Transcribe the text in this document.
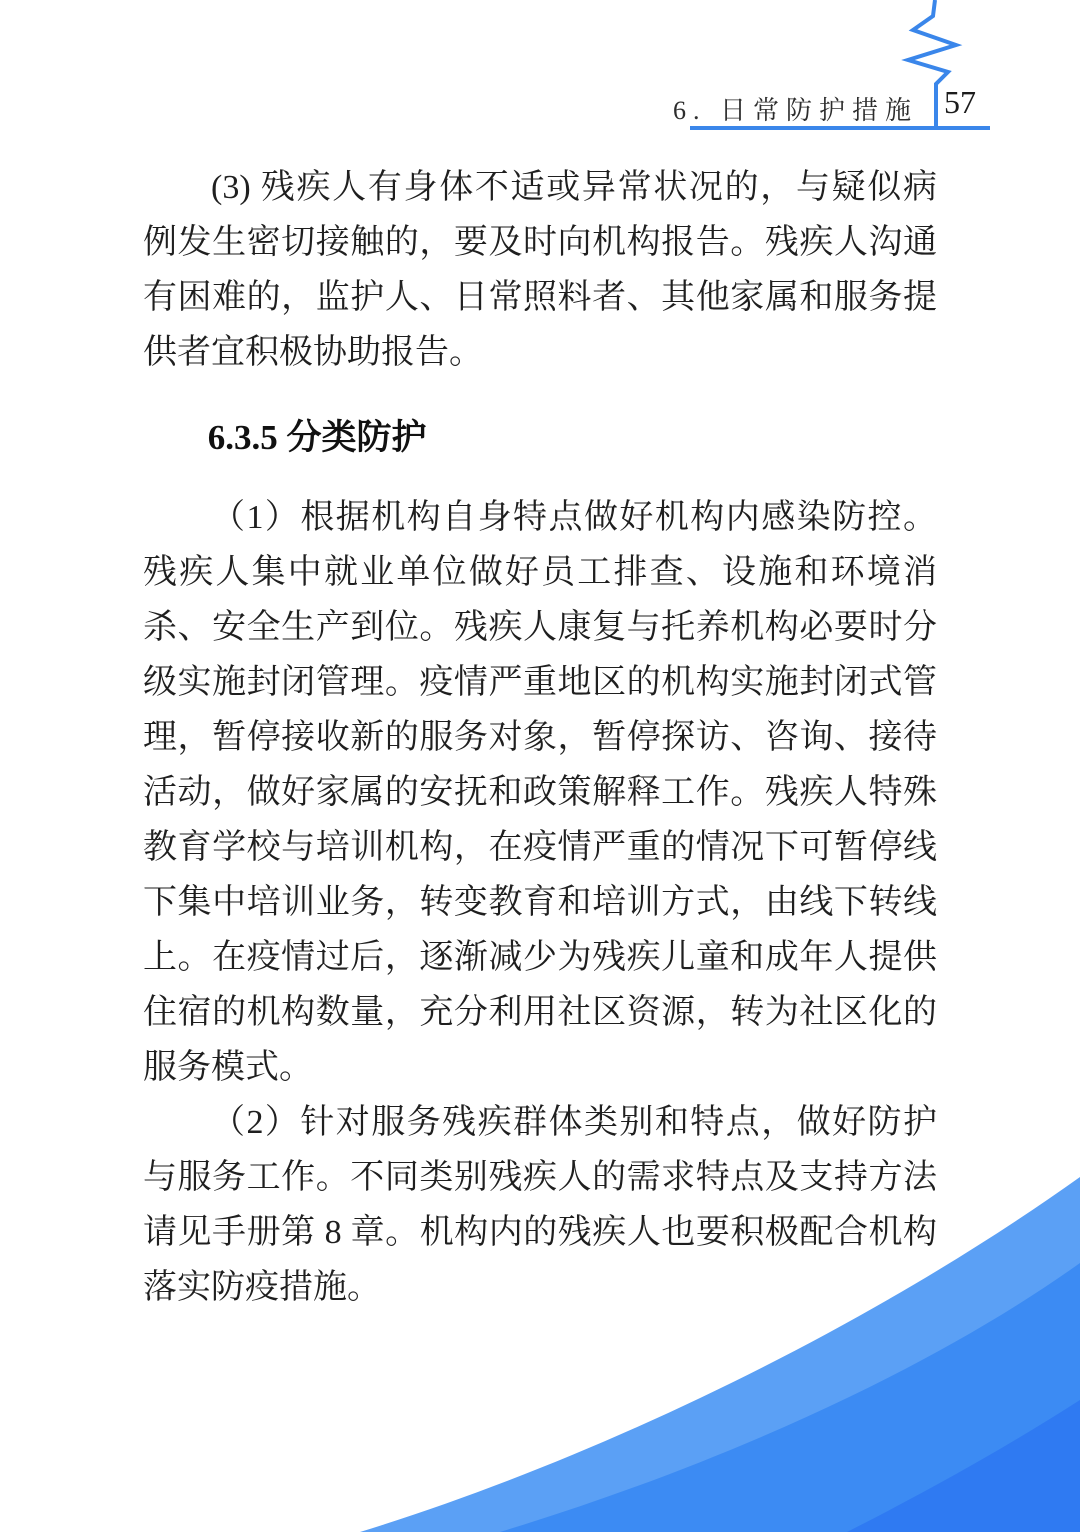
6. 日常防护措施 57

(3) 残疾人有身体不适或异常状况的，与疑似病例发生密切接触的，要及时向机构报告。残疾人沟通有困难的，监护人、日常照料者、其他家属和服务提供者宜积极协助报告。

6.3.5 分类防护

（1）根据机构自身特点做好机构内感染防控。残疾人集中就业单位做好员工排查、设施和环境消杀、安全生产到位。残疾人康复与托养机构必要时分级实施封闭管理。疫情严重地区的机构实施封闭式管理，暂停接收新的服务对象，暂停探访、咨询、接待活动，做好家属的安抚和政策解释工作。残疾人特殊教育学校与培训机构，在疫情严重的情况下可暂停线下集中培训业务，转变教育和培训方式，由线下转线上。在疫情过后，逐渐减少为残疾儿童和成年人提供住宿的机构数量，充分利用社区资源，转为社区化的服务模式。

（2）针对服务残疾群体类别和特点，做好防护与服务工作。不同类别残疾人的需求特点及支持方法请见手册第 8 章。机构内的残疾人也要积极配合机构落实防疫措施。
